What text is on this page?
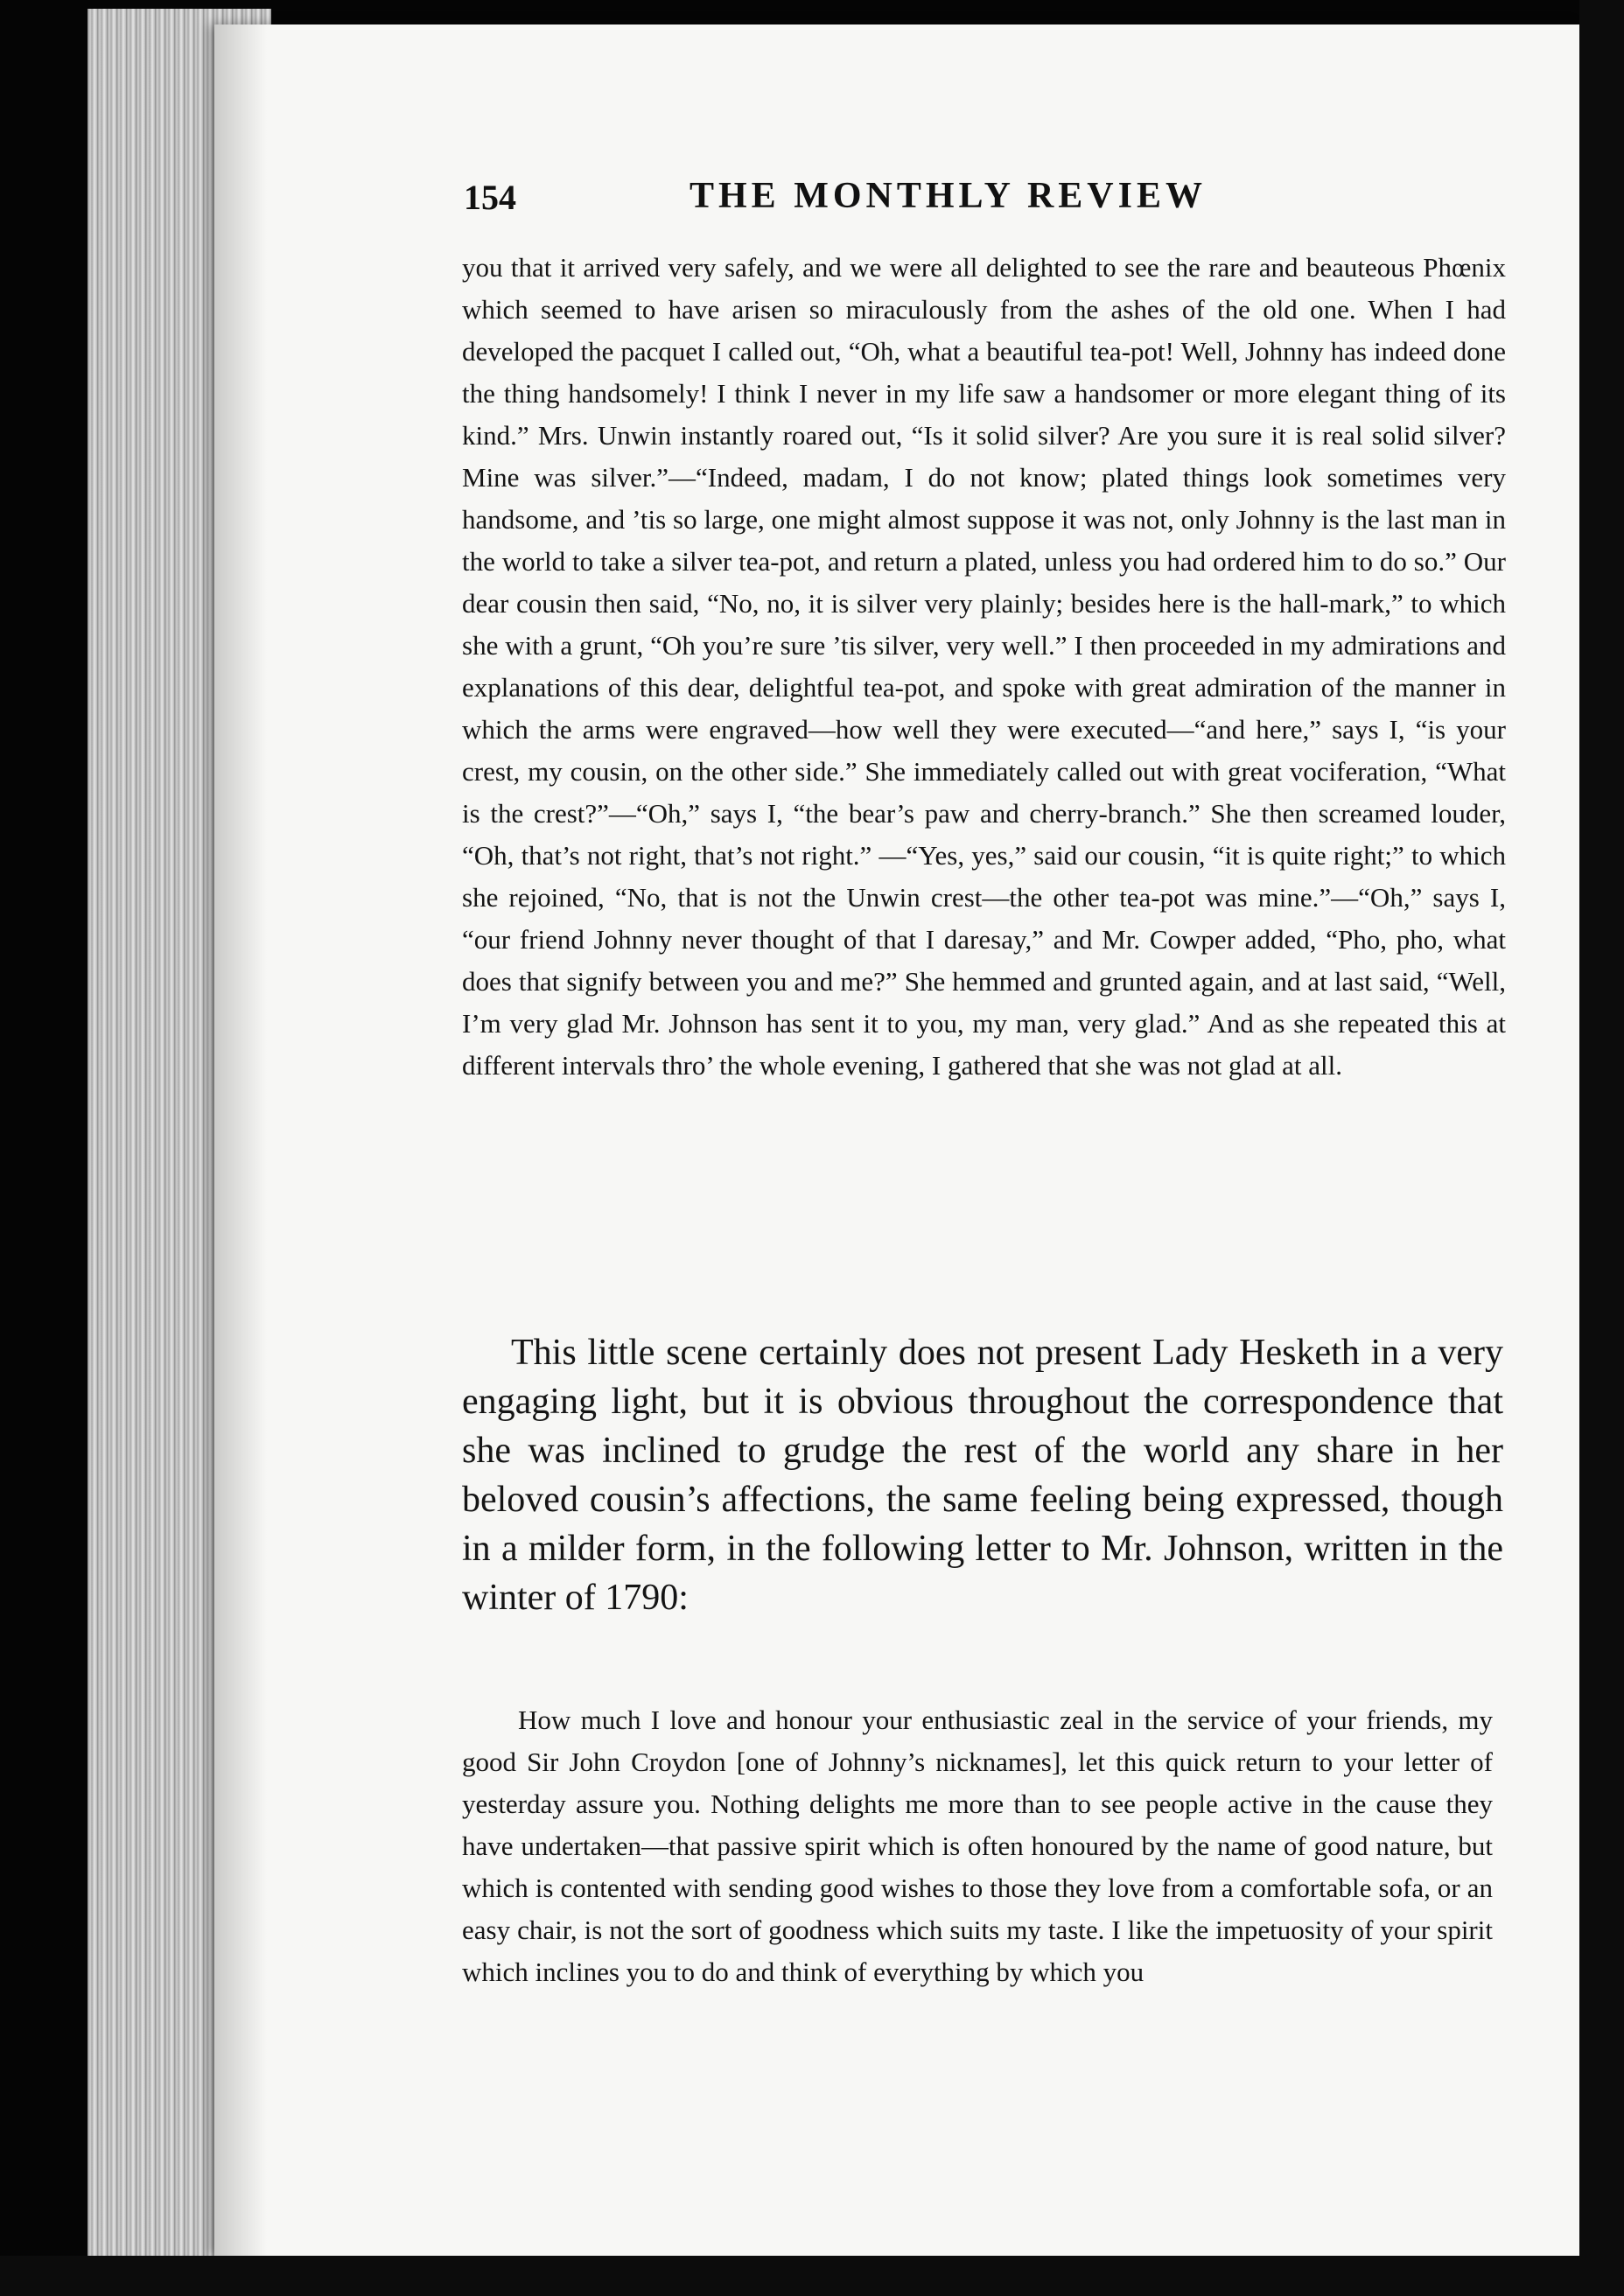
154	THE MONTHLY REVIEW

you that it arrived very safely, and we were all delighted to see the rare and beauteous Phœnix which seemed to have arisen so miraculously from the ashes of the old one. When I had developed the pacquet I called out, “Oh, what a beautiful tea-pot! Well, Johnny has indeed done the thing handsomely! I think I never in my life saw a handsomer or more elegant thing of its kind.” Mrs. Unwin instantly roared out, “Is it solid silver? Are you sure it is real solid silver? Mine was silver.”—“Indeed, madam, I do not know; plated things look sometimes very handsome, and ’tis so large, one might almost suppose it was not, only Johnny is the last man in the world to take a silver tea-pot, and return a plated, unless you had ordered him to do so.” Our dear cousin then said, “No, no, it is silver very plainly; besides here is the hall-mark,” to which she with a grunt, “Oh you’re sure ’tis silver, very well.” I then proceeded in my admirations and explanations of this dear, delightful tea-pot, and spoke with great admiration of the manner in which the arms were engraved—how well they were executed—“and here,” says I, “is your crest, my cousin, on the other side.” She immediately called out with great vociferation, “What is the crest?”—“Oh,” says I, “the bear’s paw and cherry-branch.” She then screamed louder, “Oh, that’s not right, that’s not right.” —“Yes, yes,” said our cousin, “it is quite right;” to which she rejoined, “No, that is not the Unwin crest—the other tea-pot was mine.”—“Oh,” says I, “our friend Johnny never thought of that I daresay,” and Mr. Cowper added, “Pho, pho, what does that signify between you and me?” She hemmed and grunted again, and at last said, “Well, I’m very glad Mr. Johnson has sent it to you, my man, very glad.” And as she repeated this at different intervals thro’ the whole evening, I gathered that she was not glad at all.

This little scene certainly does not present Lady Hesketh in a very engaging light, but it is obvious throughout the correspondence that she was inclined to grudge the rest of the world any share in her beloved cousin’s affections, the same feeling being expressed, though in a milder form, in the following letter to Mr. Johnson, written in the winter of 1790:

How much I love and honour your enthusiastic zeal in the service of your friends, my good Sir John Croydon [one of Johnny’s nicknames], let this quick return to your letter of yesterday assure you. Nothing delights me more than to see people active in the cause they have undertaken—that passive spirit which is often honoured by the name of good nature, but which is contented with sending good wishes to those they love from a comfortable sofa, or an easy chair, is not the sort of goodness which suits my taste. I like the impetuosity of your spirit which inclines you to do and think of everything by which you
